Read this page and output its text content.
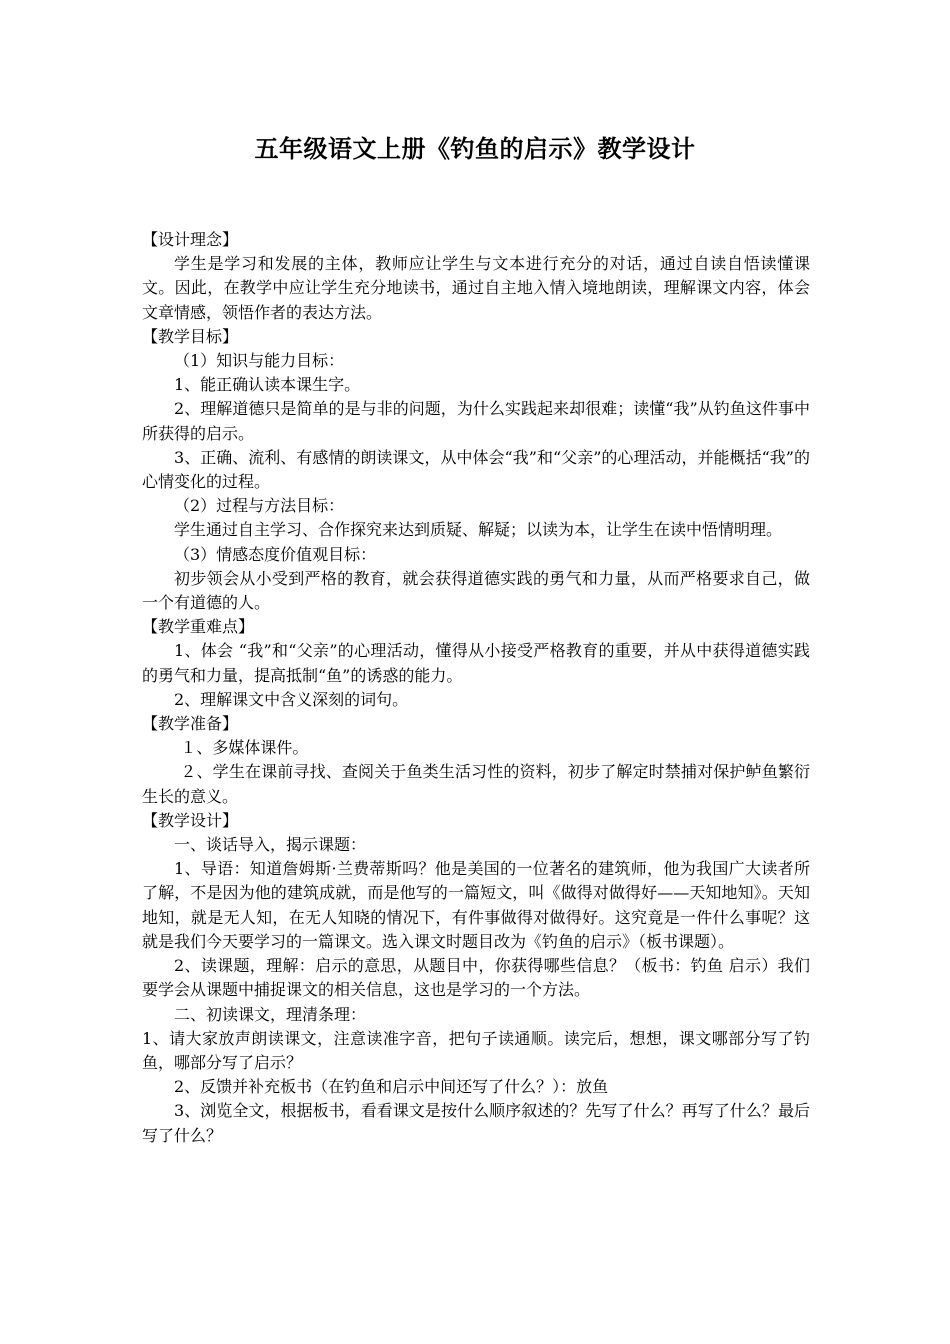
五年级语文上册《钓鱼的启示》教学设计

【设计理念】

学生是学习和发展的主体，教师应让学生与文本进行充分的对话，通过自读自悟读懂课文。因此，在教学中应让学生充分地读书，通过自主地入情入境地朗读，理解课文内容，体会文章情感，领悟作者的表达方法。

【教学目标】

（1）知识与能力目标：

1、能正确认读本课生字。

2、理解道德只是简单的是与非的问题，为什么实践起来却很难；读懂“我”从钓鱼这件事中所获得的启示。

3、正确、流利、有感情的朗读课文，从中体会“我”和“父亲”的心理活动，并能概括“我”的心情变化的过程。

（2）过程与方法目标：

学生通过自主学习、合作探究来达到质疑、解疑；以读为本，让学生在读中悟情明理。

（3）情感态度价值观目标：

初步领会从小受到严格的教育，就会获得道德实践的勇气和力量，从而严格要求自己，做一个有道德的人。

【教学重难点】

1、体会 “我”和“父亲”的心理活动，懂得从小接受严格教育的重要，并从中获得道德实践的勇气和力量，提高抵制“鱼”的诱惑的能力。

2、理解课文中含义深刻的词句。

【教学准备】

１、多媒体课件。

２、学生在课前寻找、查阅关于鱼类生活习性的资料，初步了解定时禁捕对保护鲈鱼繁衍生长的意义。

【教学设计】

一、谈话导入，揭示课题：

1、导语：知道詹姆斯·兰费蒂斯吗？他是美国的一位著名的建筑师，他为我国广大读者所了解，不是因为他的建筑成就，而是他写的一篇短文，叫《做得对做得好——天知地知》。天知地知，就是无人知，在无人知晓的情况下，有件事做得对做得好。这究竟是一件什么事呢？这就是我们今天要学习的一篇课文。选入课文时题目改为《钓鱼的启示》（板书课题）。

2、读课题，理解：启示的意思，从题目中，你获得哪些信息？（板书：钓鱼 启示）我们要学会从课题中捕捉课文的相关信息，这也是学习的一个方法。

二、初读课文，理清条理：

1、请大家放声朗读课文，注意读准字音，把句子读通顺。读完后，想想，课文哪部分写了钓鱼，哪部分写了启示？

2、反馈并补充板书（在钓鱼和启示中间还写了什么？）：放鱼

3、浏览全文，根据板书，看看课文是按什么顺序叙述的？先写了什么？再写了什么？最后写了什么？
